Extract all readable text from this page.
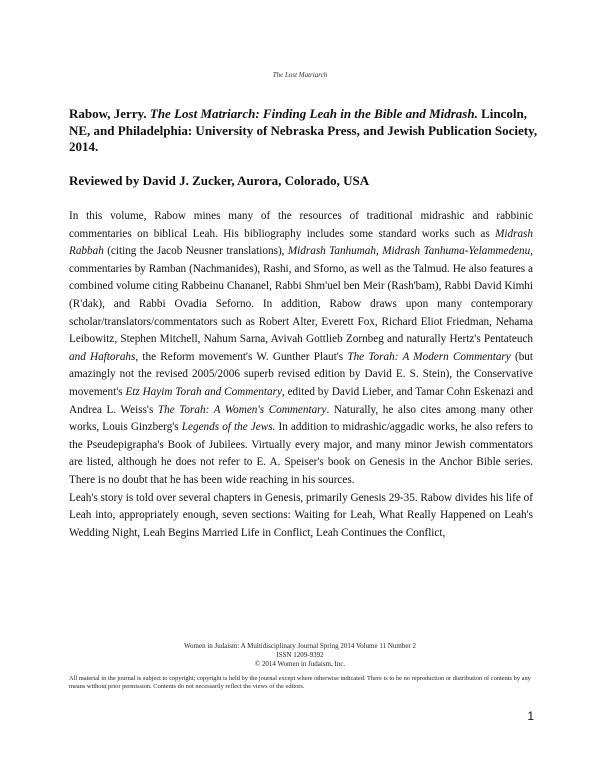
The Lost Matriarch

Rabow, Jerry. The Lost Matriarch: Finding Leah in the Bible and Midrash. Lincoln, NE, and Philadelphia: University of Nebraska Press, and Jewish Publication Society, 2014.

Reviewed by David J. Zucker, Aurora, Colorado, USA

In this volume, Rabow mines many of the resources of traditional midrashic and rabbinic commentaries on biblical Leah. His bibliography includes some standard works such as Midrash Rabbah (citing the Jacob Neusner translations), Midrash Tanhumah, Midrash Tanhuma-Yelammedenu, commentaries by Ramban (Nachmanides), Rashi, and Sforno, as well as the Talmud. He also features a combined volume citing Rabbeinu Chananel, Rabbi Shm'uel ben Meir (Rash'bam), Rabbi David Kimhi (R'dak), and Rabbi Ovadia Seforno. In addition, Rabow draws upon many contemporary scholar/translators/commentators such as Robert Alter, Everett Fox, Richard Eliot Friedman, Nehama Leibowitz, Stephen Mitchell, Nahum Sarna, Avivah Gottlieb Zornbeg and naturally Hertz's Pentateuch and Haftorahs, the Reform movement's W. Gunther Plaut's The Torah: A Modern Commentary (but amazingly not the revised 2005/2006 superb revised edition by David E. S. Stein), the Conservative movement's Etz Hayim Torah and Commentary, edited by David Lieber, and Tamar Cohn Eskenazi and Andrea L. Weiss's The Torah: A Women's Commentary. Naturally, he also cites among many other works, Louis Ginzberg's Legends of the Jews. In addition to midrashic/aggadic works, he also refers to the Pseudepigrapha's Book of Jubilees. Virtually every major, and many minor Jewish commentators are listed, although he does not refer to E. A. Speiser's book on Genesis in the Anchor Bible series. There is no doubt that he has been wide reaching in his sources.

Leah's story is told over several chapters in Genesis, primarily Genesis 29-35. Rabow divides his life of Leah into, appropriately enough, seven sections: Waiting for Leah, What Really Happened on Leah's Wedding Night, Leah Begins Married Life in Conflict, Leah Continues the Conflict,

Women in Judaism: A Multidisciplinary Journal Spring 2014 Volume 11 Number 2
ISSN 1209-9392
© 2014 Women in Judaism, Inc.
All material in the journal is subject to copyright; copyright is held by the journal except where otherwise indicated. There is to be no reproduction or distribution of contents by any means without prior permission. Contents do not necessarily reflect the views of the editors.
1
